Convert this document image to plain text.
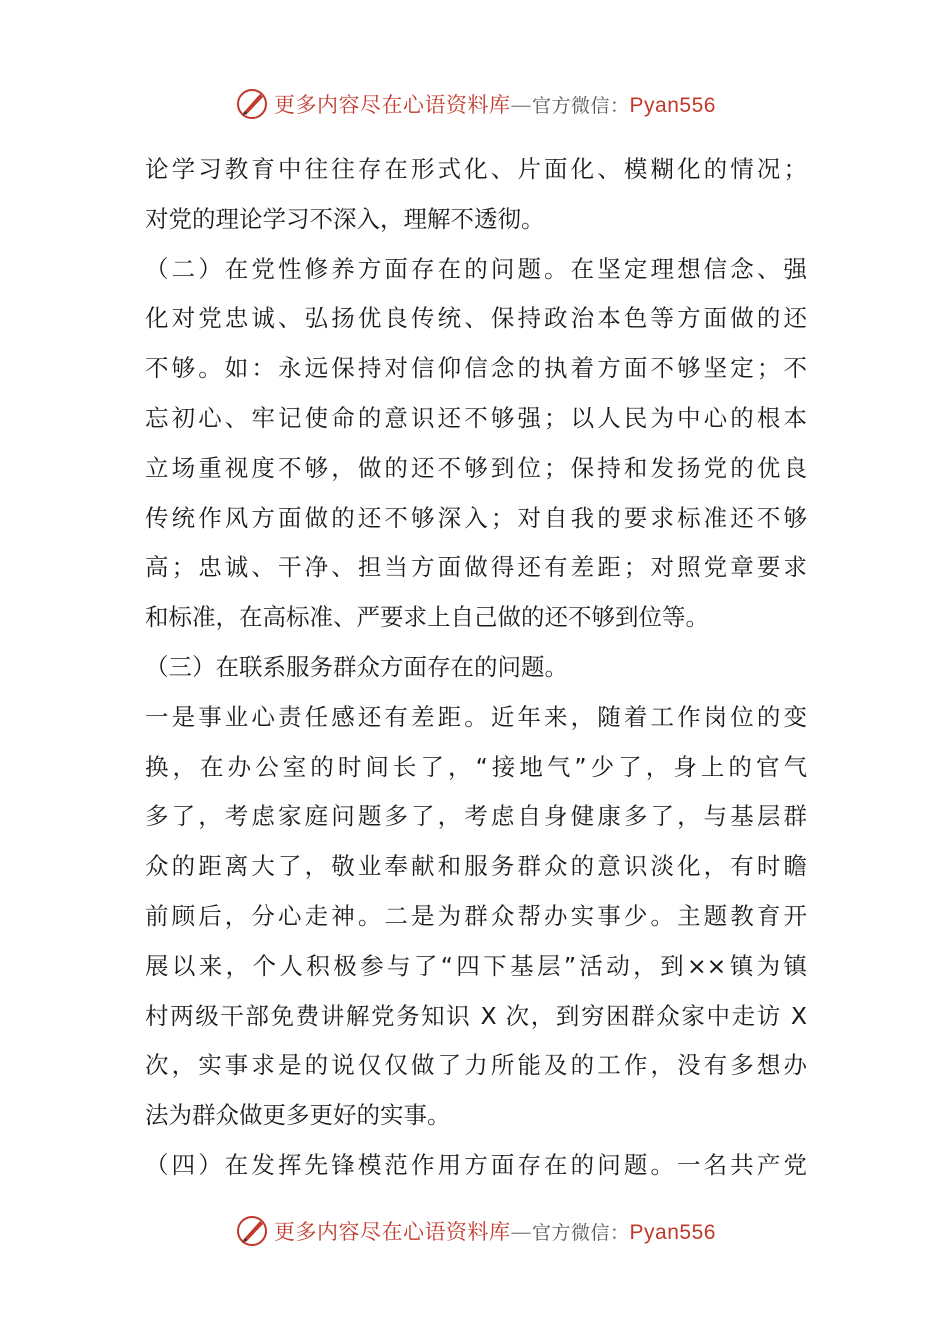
更多内容尽在心语资料库—官方微信：Pyan556
论学习教育中往往存在形式化、片面化、模糊化的情况；
对党的理论学习不深入，理解不透彻。
（二）在党性修养方面存在的问题。在坚定理想信念、强
化对党忠诚、弘扬优良传统、保持政治本色等方面做的还
不够。如：永远保持对信仰信念的执着方面不够坚定；不
忘初心、牢记使命的意识还不够强；以人民为中心的根本
立场重视度不够，做的还不够到位；保持和发扬党的优良
传统作风方面做的还不够深入；对自我的要求标准还不够
高；忠诚、干净、担当方面做得还有差距；对照党章要求
和标准，在高标准、严要求上自己做的还不够到位等。
（三）在联系服务群众方面存在的问题。
一是事业心责任感还有差距。近年来，随着工作岗位的变
换，在办公室的时间长了，“接地气”少了，身上的官气
多了，考虑家庭问题多了，考虑自身健康多了，与基层群
众的距离大了，敬业奉献和服务群众的意识淡化，有时瞻
前顾后，分心走神。二是为群众帮办实事少。主题教育开
展以来，个人积极参与了“四下基层”活动，到××镇为镇
村两级干部免费讲解党务知识 X 次，到穷困群众家中走访 X
次，实事求是的说仅仅做了力所能及的工作，没有多想办
法为群众做更多更好的实事。
（四）在发挥先锋模范作用方面存在的问题。一名共产党
更多内容尽在心语资料库—官方微信：Pyan556
